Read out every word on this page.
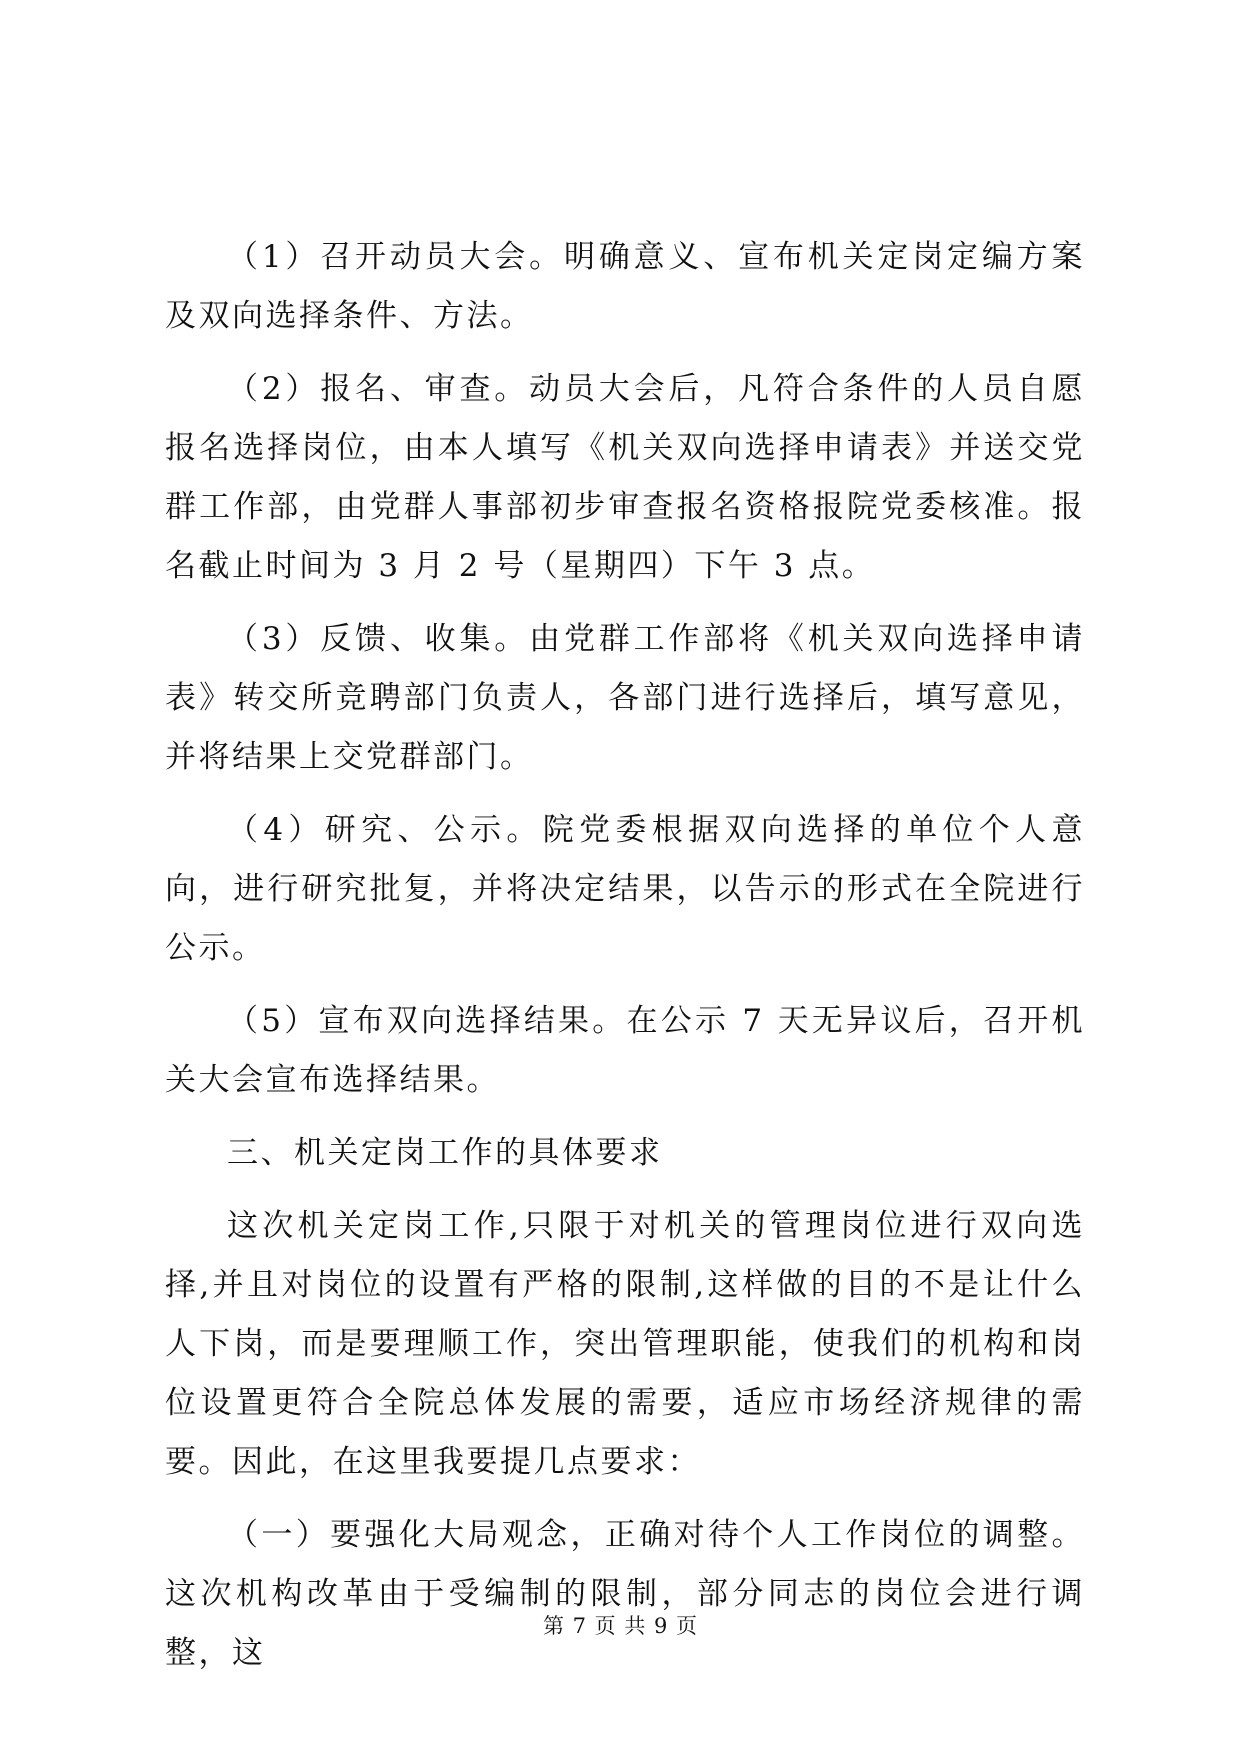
（1）召开动员大会。明确意义、宣布机关定岗定编方案及双向选择条件、方法。

（2）报名、审查。动员大会后，凡符合条件的人员自愿报名选择岗位，由本人填写《机关双向选择申请表》并送交党群工作部，由党群人事部初步审查报名资格报院党委核准。报名截止时间为 3 月 2 号（星期四）下午 3 点。

（3）反馈、收集。由党群工作部将《机关双向选择申请表》转交所竞聘部门负责人，各部门进行选择后，填写意见，并将结果上交党群部门。

（4）研究、公示。院党委根据双向选择的单位个人意向，进行研究批复，并将决定结果，以告示的形式在全院进行公示。

（5）宣布双向选择结果。在公示 7 天无异议后，召开机关大会宣布选择结果。

三、机关定岗工作的具体要求

这次机关定岗工作,只限于对机关的管理岗位进行双向选择,并且对岗位的设置有严格的限制,这样做的目的不是让什么人下岗，而是要理顺工作，突出管理职能，使我们的机构和岗位设置更符合全院总体发展的需要，适应市场经济规律的需要。因此，在这里我要提几点要求：

（一）要强化大局观念，正确对待个人工作岗位的调整。这次机构改革由于受编制的限制，部分同志的岗位会进行调整，这

第 7 页 共 9 页
